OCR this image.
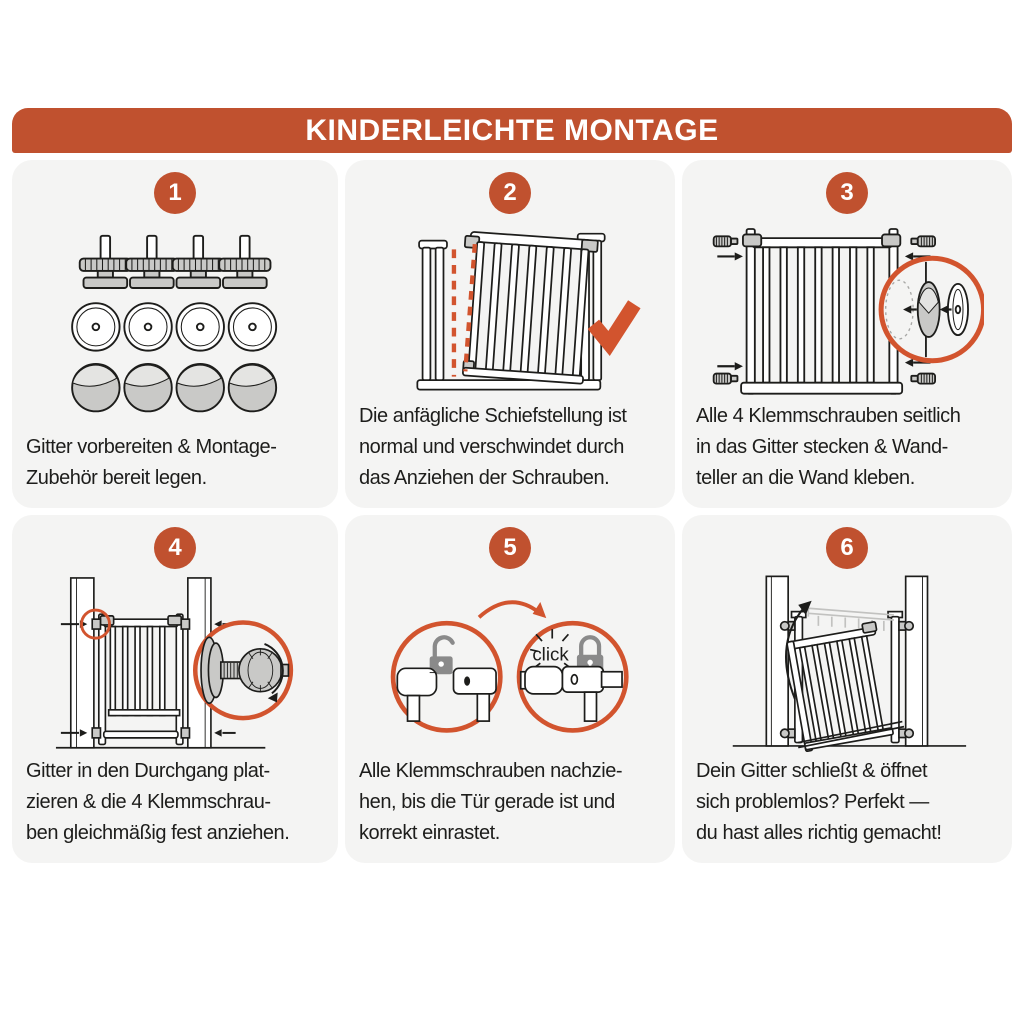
KINDERLEICHTE MONTAGE
1

Gitter vorbereiten & Montage-
Zubehör bereit legen.

2

Die anfägliche Schiefstellung ist
normal und verschwindet durch
das Anziehen der Schrauben.

3

Alle 4 Klemmschrauben seitlich
in das Gitter stecken & Wand-
teller an die Wand kleben.

4

Gitter in den Durchgang plat-
zieren & die 4 Klemmschrau-
ben gleichmäßig fest anziehen.

5
click

Alle Klemmschrauben nachzie-
hen, bis die Tür gerade ist und
korrekt einrastet.

6

Dein Gitter schließt & öffnet
sich problemlos? Perfekt —
du hast alles richtig gemacht!
